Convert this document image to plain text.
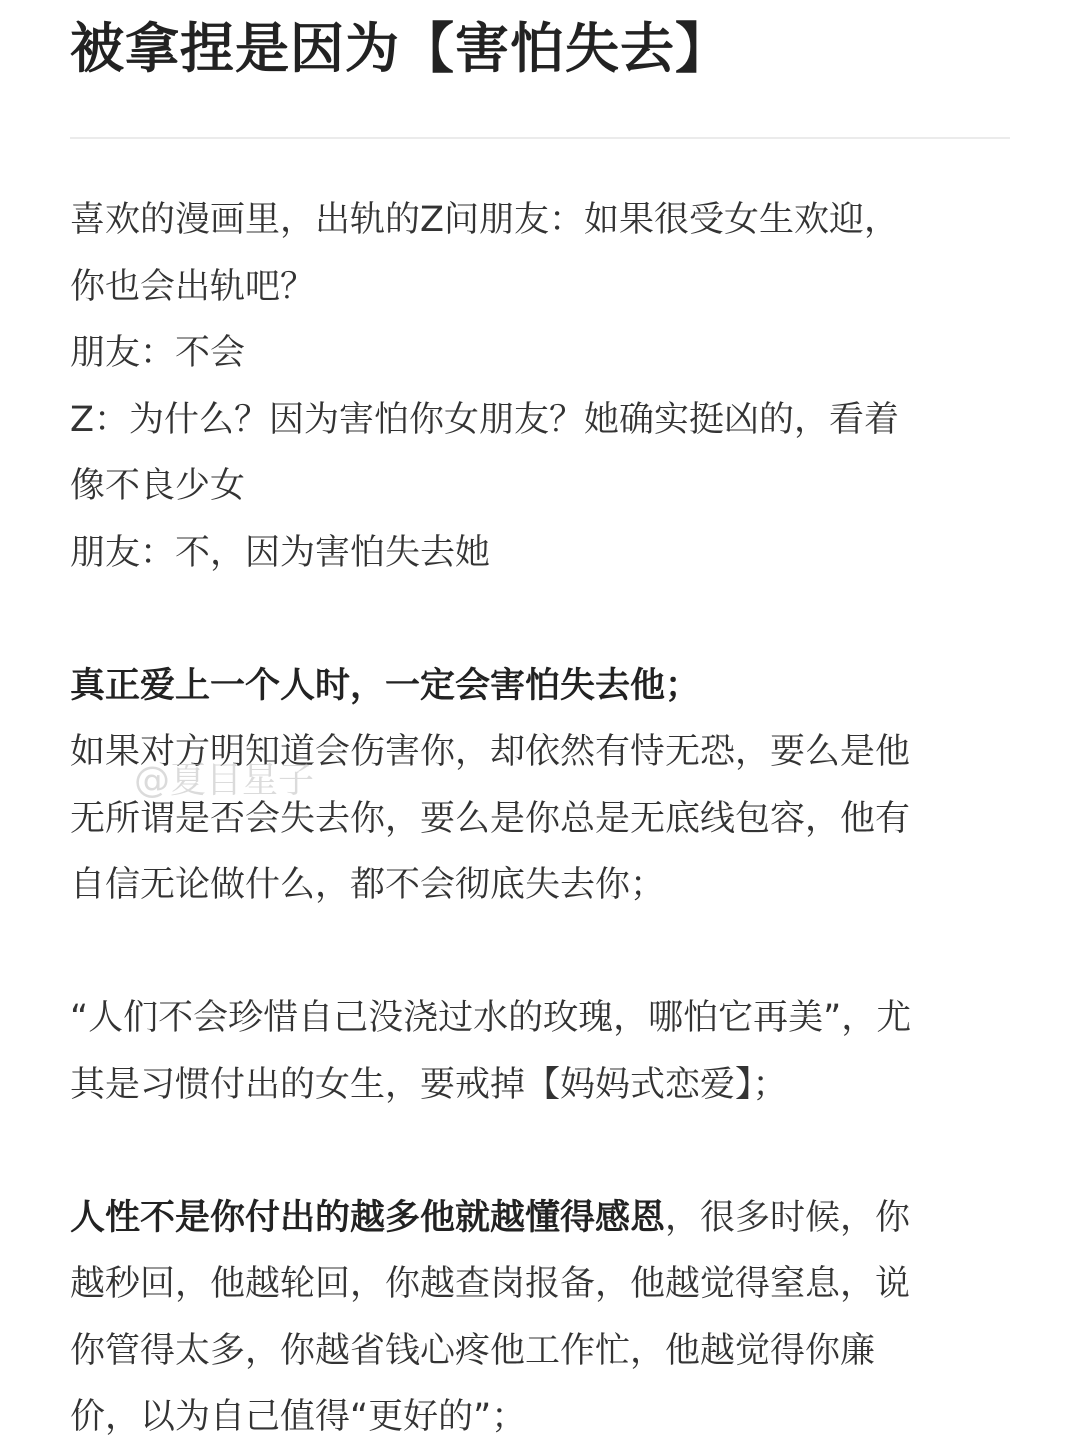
被拿捏是因为【害怕失去】

喜欢的漫画里，出轨的Z问朋友：如果很受女生欢迎，
你也会出轨吧？
朋友：不会
Z：为什么？因为害怕你女朋友？她确实挺凶的，看着
像不良少女
朋友：不，因为害怕失去她

真正爱上一个人时，一定会害怕失去他；
如果对方明知道会伤害你，却依然有恃无恐，要么是他
无所谓是否会失去你，要么是你总是无底线包容，他有
自信无论做什么，都不会彻底失去你；

“人们不会珍惜自己没浇过水的玫瑰，哪怕它再美”，尤
其是习惯付出的女生，要戒掉【妈妈式恋爱】；

人性不是你付出的越多他就越懂得感恩，很多时候，你
越秒回，他越轮回，你越查岗报备，他越觉得窒息，说
你管得太多，你越省钱心疼他工作忙，他越觉得你廉
价，以为自己值得“更好的”；

@夏目星子
